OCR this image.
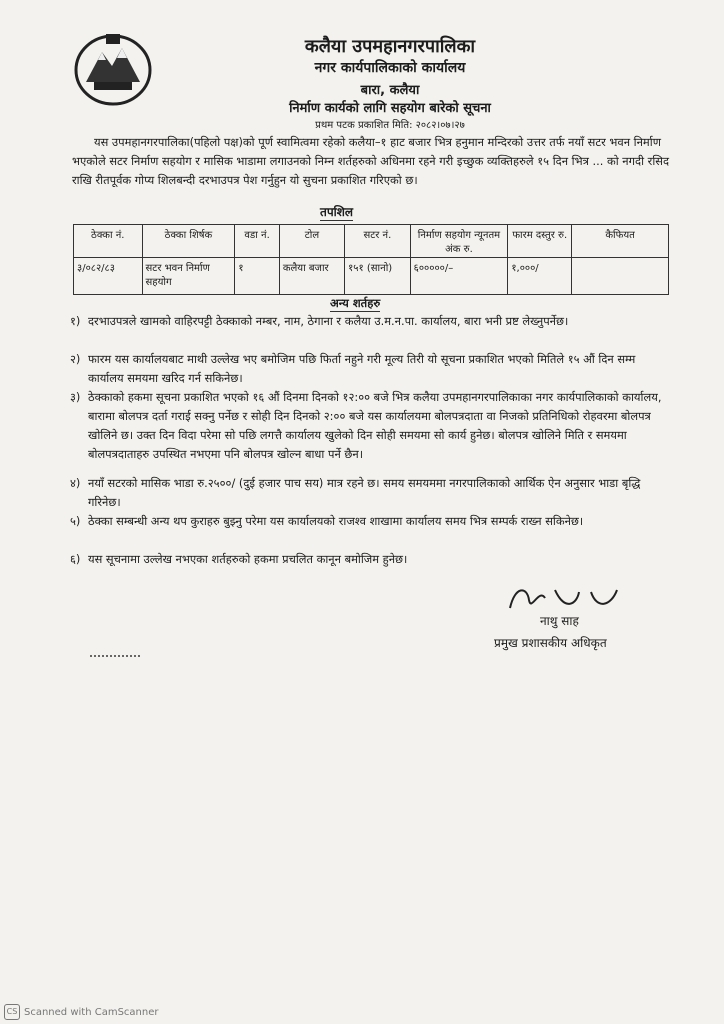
कलैया उपमहानगरपालिका
नगर कार्यपालिकाको कार्यालय
बारा, कलैया
निर्माण कार्यको लागि सहयोग बारेको सूचना
प्रथम पटक प्रकाशित मिति: २०८२।०७।२७
यस उपमहानगरपालिका(पहिलो पक्ष)को पूर्ण स्वामित्वमा रहेको कलैया–१ हाट बजार भित्र हनुमान मन्दिरको उत्तर तर्फ नयाँ सटर भवन निर्माण भएकोले सटर निर्माण सहयोग र मासिक भाडामा लगाउनको निम्न शर्तहरुको अधिनमा रहने गरी इच्छुक व्यक्तिहरुले १५ दिन भित्र ... को नगदी रसिद राखि रीतपूर्वक गोप्य शिलबन्दी दरभाउपत्र पेश गर्नुहुन यो सुचना प्रकाशित गरिएको छ।
तपशिल
ठेक्का नं.	ठेक्का शिर्षक	वडा नं.	टोल	सटर नं.	निर्माण सहयोग न्यूनतम अंक रु.	फारम दस्तुर रु.	कैफियत
३/०८२/८३	सटर भवन निर्माण सहयोग	१	कलैया बजार	१५१ (सानो)	६०००००/–	१,०००/	
अन्य शर्तहरु
१) दरभाउपत्रले खामको वाहिरपट्टी ठेक्काको नम्बर, नाम, ठेगाना र कलैया उ.म.न.पा. कार्यालय, बारा भनी प्रष्ट लेख्नुपर्नेछ।
२) फारम यस कार्यालयबाट माथी उल्लेख भए बमोजिम पछि फिर्ता नहुने गरी मूल्य तिरी यो सूचना प्रकाशित भएको मितिले १५ औं दिन सम्म कार्यालय समयमा खरिद गर्न सकिनेछ।
३) ठेक्काको हकमा सूचना प्रकाशित भएको १६ औं दिनमा दिनको १२:०० बजे भित्र कलैया उपमहानगरपालिकाका नगर कार्यपालिकाको कार्यालय, बारामा बोलपत्र दर्ता गराई सक्नु पर्नेछ र सोही दिन दिनको २:०० बजे यस कार्यालयमा बोलपत्रदाता वा निजको प्रतिनिधिको रोहवरमा बोलपत्र खोलिने छ। उक्त दिन विदा परेमा सो पछि लगत्तै कार्यालय खुलेको दिन सोही समयमा सो कार्य हुनेछ। बोलपत्र खोलिने मिति र समयमा बोलपत्रदाताहरु उपस्थित नभएमा पनि बोलपत्र खोल्न बाधा पर्ने छैन।
४) नयाँ सटरको मासिक भाडा रु.२५००/ (दुई हजार पाच सय) मात्र रहने छ। समय समयममा नगरपालिकाको आर्थिक ऐन अनुसार भाडा बृद्धि गरिनेछ।
५) ठेक्का सम्बन्धी अन्य थप कुराहरु बुझ्नु परेमा यस कार्यालयको राजश्व शाखामा कार्यालय समय भित्र सम्पर्क राख्न सकिनेछ।
६) यस सूचनामा उल्लेख नभएका शर्तहरुको हकमा प्रचलित कानून बमोजिम हुनेछ।
नाथु साह
प्रमुख प्रशासकीय अधिकृत
CS Scanned with CamScanner
